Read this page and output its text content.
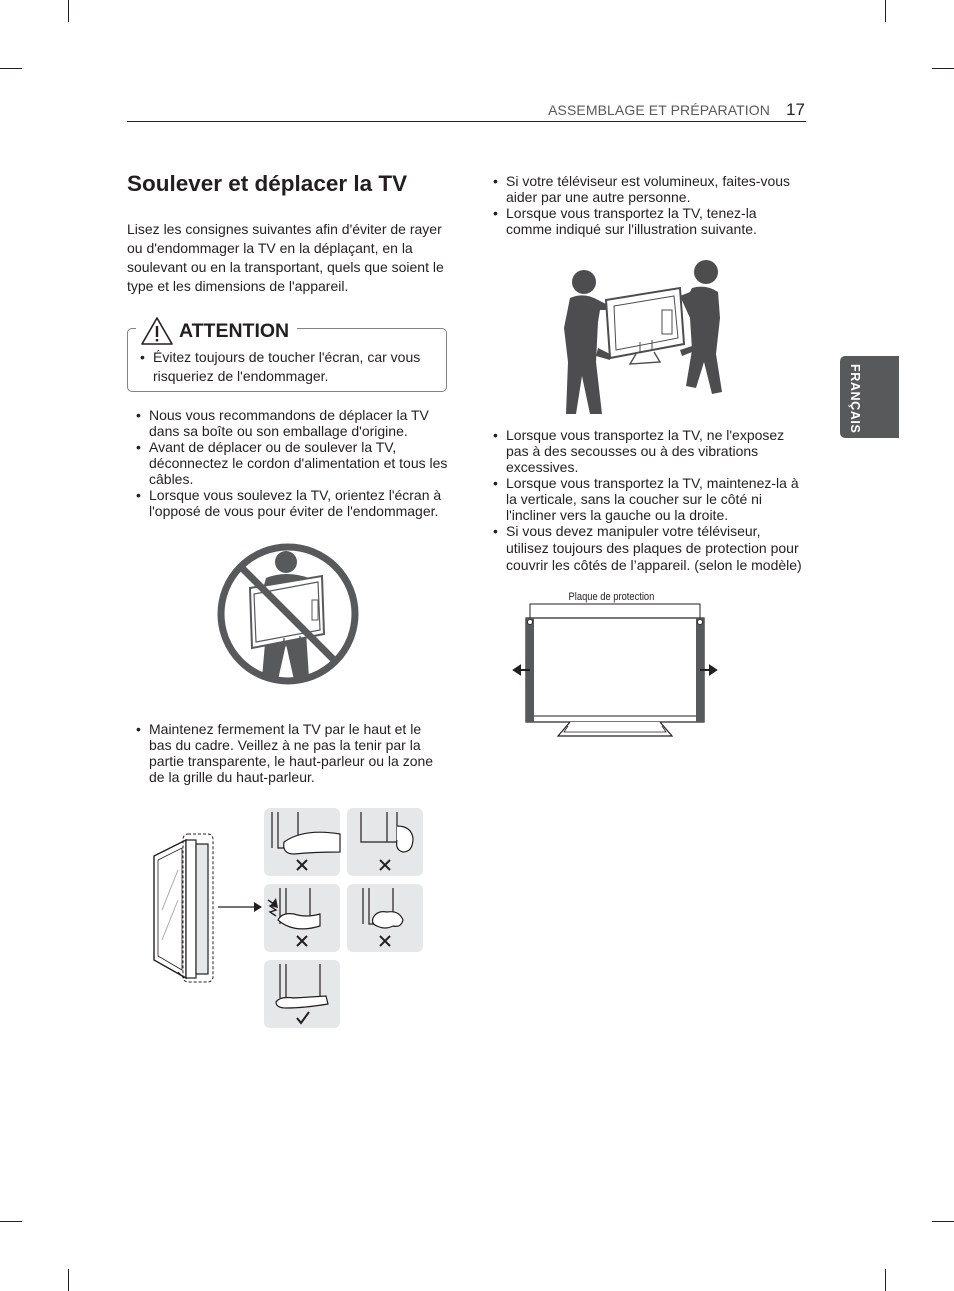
ASSEMBLAGE ET PRÉPARATION 17
FRANÇAIS
Soulever et déplacer la TV

Lisez les consignes suivantes afin d'éviter de rayer ou d'endommager la TV en la déplaçant, en la soulevant ou en la transportant, quels que soient le type et les dimensions de l'appareil.

ATTENTION
• Évitez toujours de toucher l'écran, car vous risqueriez de l'endommager.
• Nous vous recommandons de déplacer la TV dans sa boîte ou son emballage d'origine.
• Avant de déplacer ou de soulever la TV, déconnectez le cordon d'alimentation et tous les câbles.
• Lorsque vous soulevez la TV, orientez l'écran à l'opposé de vous pour éviter de l'endommager.
• Maintenez fermement la TV par le haut et le bas du cadre. Veillez à ne pas la tenir par la partie transparente, le haut-parleur ou la zone de la grille du haut-parleur.
• Si votre téléviseur est volumineux, faites-vous aider par une autre personne.
• Lorsque vous transportez la TV, tenez-la comme indiqué sur l'illustration suivante.
• Lorsque vous transportez la TV, ne l'exposez pas à des secousses ou à des vibrations excessives.
• Lorsque vous transportez la TV, maintenez-la à la verticale, sans la coucher sur le côté ni l'incliner vers la gauche ou la droite.
• Si vous devez manipuler votre téléviseur, utilisez toujours des plaques de protection pour couvrir les côtés de l’appareil. (selon le modèle)
Plaque de protection
